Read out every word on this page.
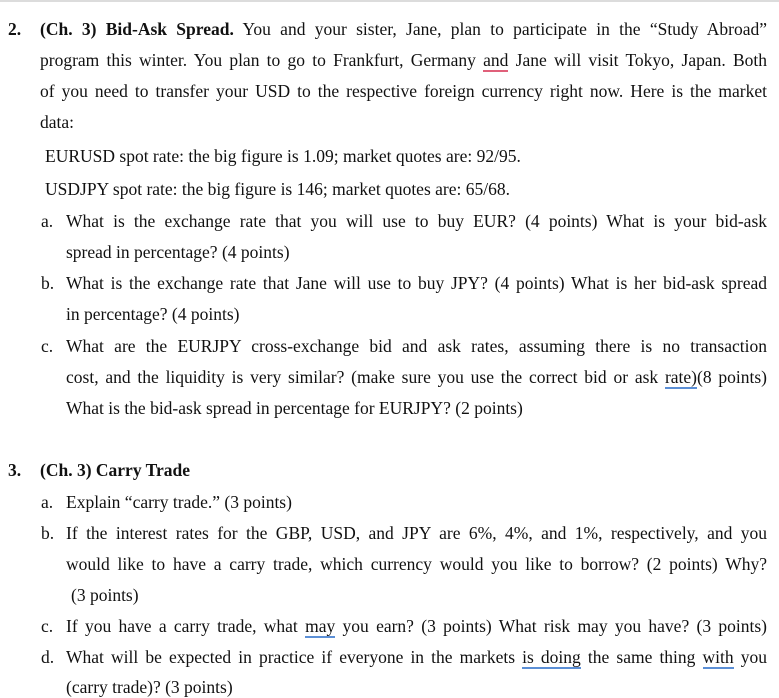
2. (Ch. 3) Bid-Ask Spread. You and your sister, Jane, plan to participate in the “Study Abroad”
program this winter. You plan to go to Frankfurt, Germany and Jane will visit Tokyo, Japan. Both
of you need to transfer your USD to the respective foreign currency right now. Here is the market
data:
EURUSD spot rate: the big figure is 1.09; market quotes are: 92/95.
USDJPY spot rate: the big figure is 146; market quotes are: 65/68.
a. What is the exchange rate that you will use to buy EUR? (4 points) What is your bid-ask
spread in percentage? (4 points)
b. What is the exchange rate that Jane will use to buy JPY? (4 points) What is her bid-ask spread
in percentage? (4 points)
c. What are the EURJPY cross-exchange bid and ask rates, assuming there is no transaction
cost, and the liquidity is very similar? (make sure you use the correct bid or ask rate)(8 points)
What is the bid-ask spread in percentage for EURJPY? (2 points)
3. (Ch. 3) Carry Trade
a. Explain “carry trade.” (3 points)
b. If the interest rates for the GBP, USD, and JPY are 6%, 4%, and 1%, respectively, and you
would like to have a carry trade, which currency would you like to borrow? (2 points) Why?
(3 points)
c. If you have a carry trade, what may you earn? (3 points) What risk may you have? (3 points)
d. What will be expected in practice if everyone in the markets is doing the same thing with you
(carry trade)? (3 points)
